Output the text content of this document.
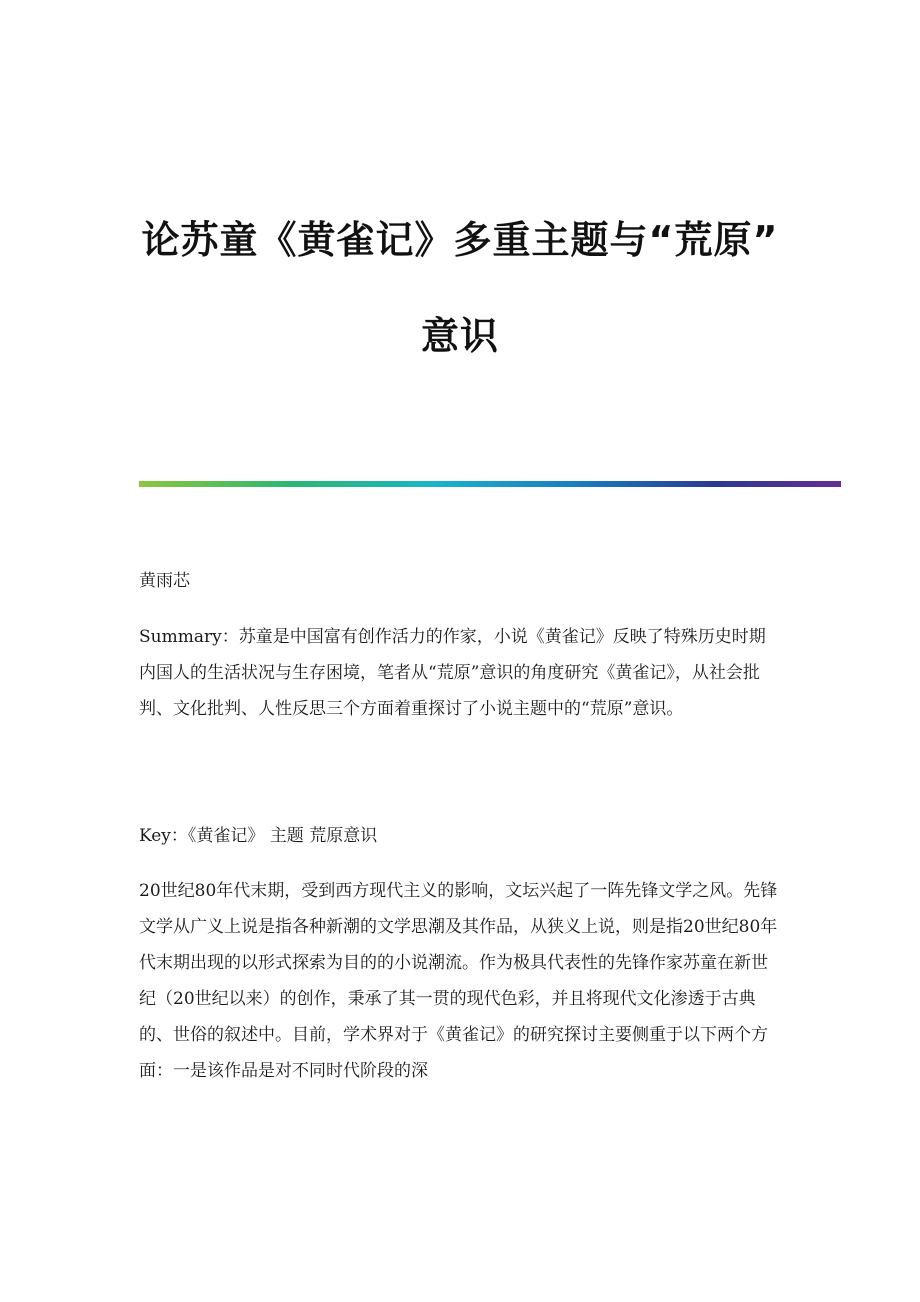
论苏童《黄雀记》多重主题与“荒原”
意识

黄雨芯

Summary：苏童是中国富有创作活力的作家，小说《黄雀记》反映了特殊历史时期内国人的生活状况与生存困境，笔者从“荒原”意识的角度研究《黄雀记》，从社会批判、文化批判、人性反思三个方面着重探讨了小说主题中的“荒原”意识。

Key：《黄雀记》 主题 荒原意识

20世纪80年代末期，受到西方现代主义的影响，文坛兴起了一阵先锋文学之风。先锋文学从广义上说是指各种新潮的文学思潮及其作品，从狭义上说，则是指20世纪80年代末期出现的以形式探索为目的的小说潮流。作为极具代表性的先锋作家苏童在新世纪（20世纪以来）的创作，秉承了其一贯的现代色彩，并且将现代文化渗透于古典的、世俗的叙述中。目前，学术界对于《黄雀记》的研究探讨主要侧重于以下两个方面：一是该作品是对不同时代阶段的深
